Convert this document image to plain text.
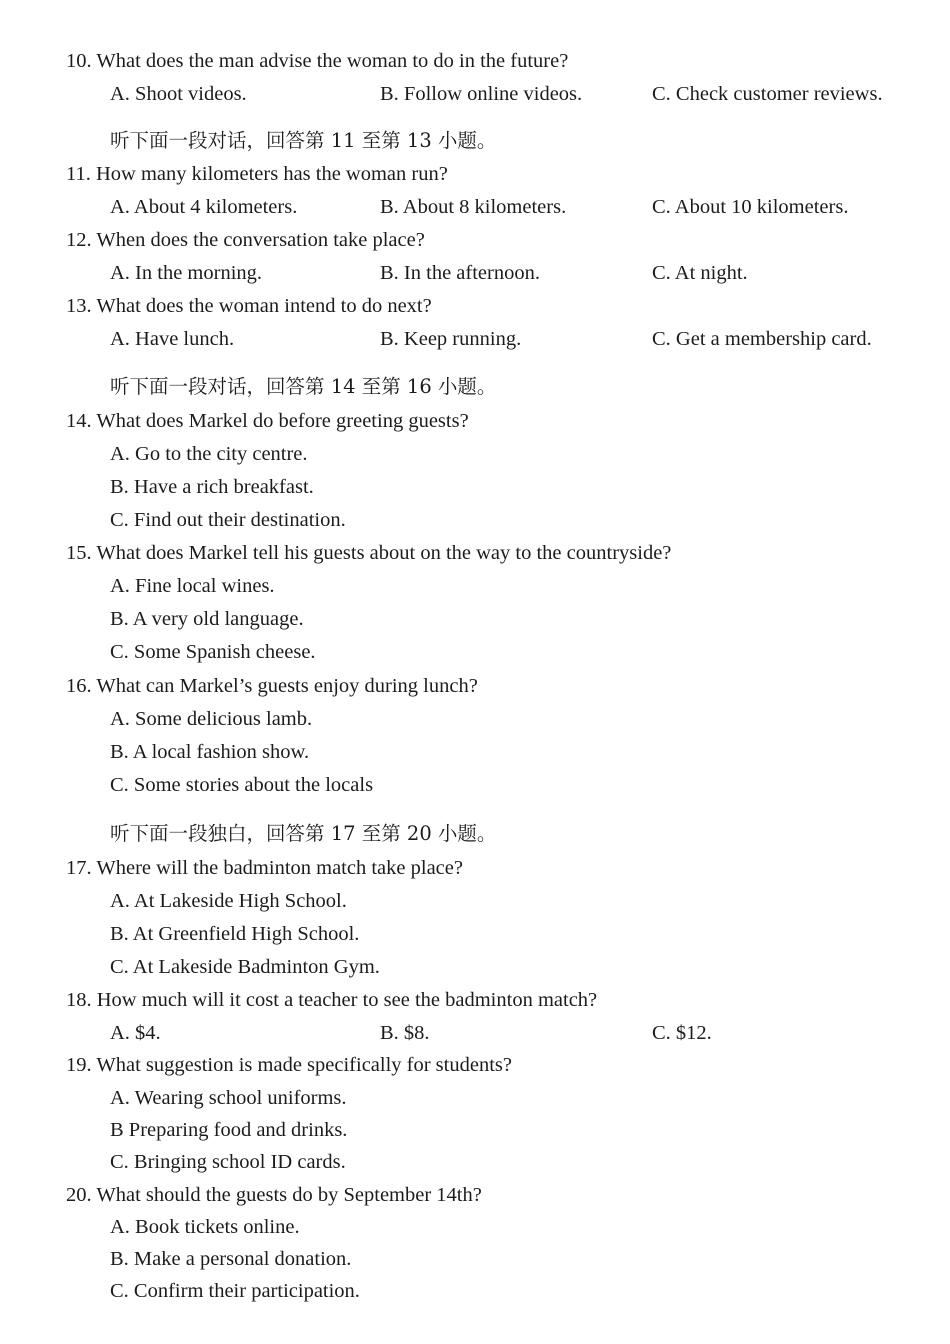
10. What does the man advise the woman to do in the future?
A. Shoot videos.	B. Follow online videos.	C. Check customer reviews.
听下面一段对话，回答第 11 至第 13 小题。
11. How many kilometers has the woman run?
A. About 4 kilometers.	B. About 8 kilometers.	C. About 10 kilometers.
12. When does the conversation take place?
A. In the morning.	B. In the afternoon.	C. At night.
13. What does the woman intend to do next?
A. Have lunch.	B. Keep running.	C. Get a membership card.
听下面一段对话，回答第 14 至第 16 小题。
14. What does Markel do before greeting guests?
A. Go to the city centre.
B. Have a rich breakfast.
C. Find out their destination.
15. What does Markel tell his guests about on the way to the countryside?
A. Fine local wines.
B. A very old language.
C. Some Spanish cheese.
16. What can Markel’s guests enjoy during lunch?
A. Some delicious lamb.
B. A local fashion show.
C. Some stories about the locals
听下面一段独白，回答第 17 至第 20 小题。
17. Where will the badminton match take place?
A. At Lakeside High School.
B. At Greenfield High School.
C. At Lakeside Badminton Gym.
18. How much will it cost a teacher to see the badminton match?
A. $4.	B. $8.	C. $12.
19. What suggestion is made specifically for students?
A. Wearing school uniforms.
B Preparing food and drinks.
C. Bringing school ID cards.
20. What should the guests do by September 14th?
A. Book tickets online.
B. Make a personal donation.
C. Confirm their participation.
